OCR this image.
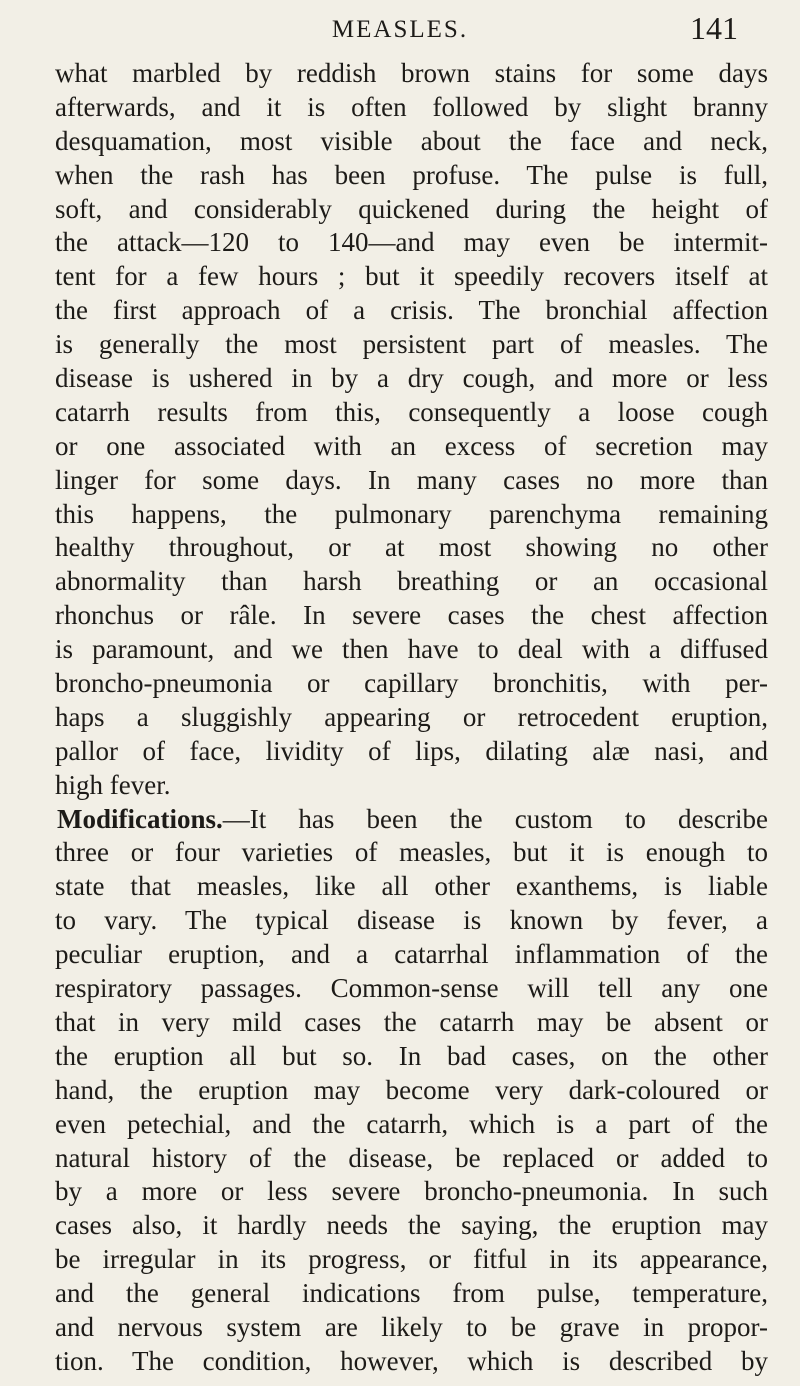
MEASLES.	141
what marbled by reddish brown stains for some days
afterwards, and it is often followed by slight branny
desquamation, most visible about the face and neck,
when the rash has been profuse. The pulse is full,
soft, and considerably quickened during the height of
the attack—120 to 140—and may even be intermit-
tent for a few hours ; but it speedily recovers itself at
the first approach of a crisis. The bronchial affection
is generally the most persistent part of measles. The
disease is ushered in by a dry cough, and more or less
catarrh results from this, consequently a loose cough
or one associated with an excess of secretion may
linger for some days. In many cases no more than
this happens, the pulmonary parenchyma remaining
healthy throughout, or at most showing no other
abnormality than harsh breathing or an occasional
rhonchus or râle. In severe cases the chest affection
is paramount, and we then have to deal with a diffused
broncho-pneumonia or capillary bronchitis, with per-
haps a sluggishly appearing or retrocedent eruption,
pallor of face, lividity of lips, dilating alæ nasi, and
high fever.
Modifications.—It has been the custom to describe
three or four varieties of measles, but it is enough to
state that measles, like all other exanthems, is liable
to vary. The typical disease is known by fever, a
peculiar eruption, and a catarrhal inflammation of the
respiratory passages. Common-sense will tell any one
that in very mild cases the catarrh may be absent or
the eruption all but so. In bad cases, on the other
hand, the eruption may become very dark-coloured or
even petechial, and the catarrh, which is a part of the
natural history of the disease, be replaced or added to
by a more or less severe broncho-pneumonia. In such
cases also, it hardly needs the saying, the eruption may
be irregular in its progress, or fitful in its appearance,
and the general indications from pulse, temperature,
and nervous system are likely to be grave in propor-
tion. The condition, however, which is described by
